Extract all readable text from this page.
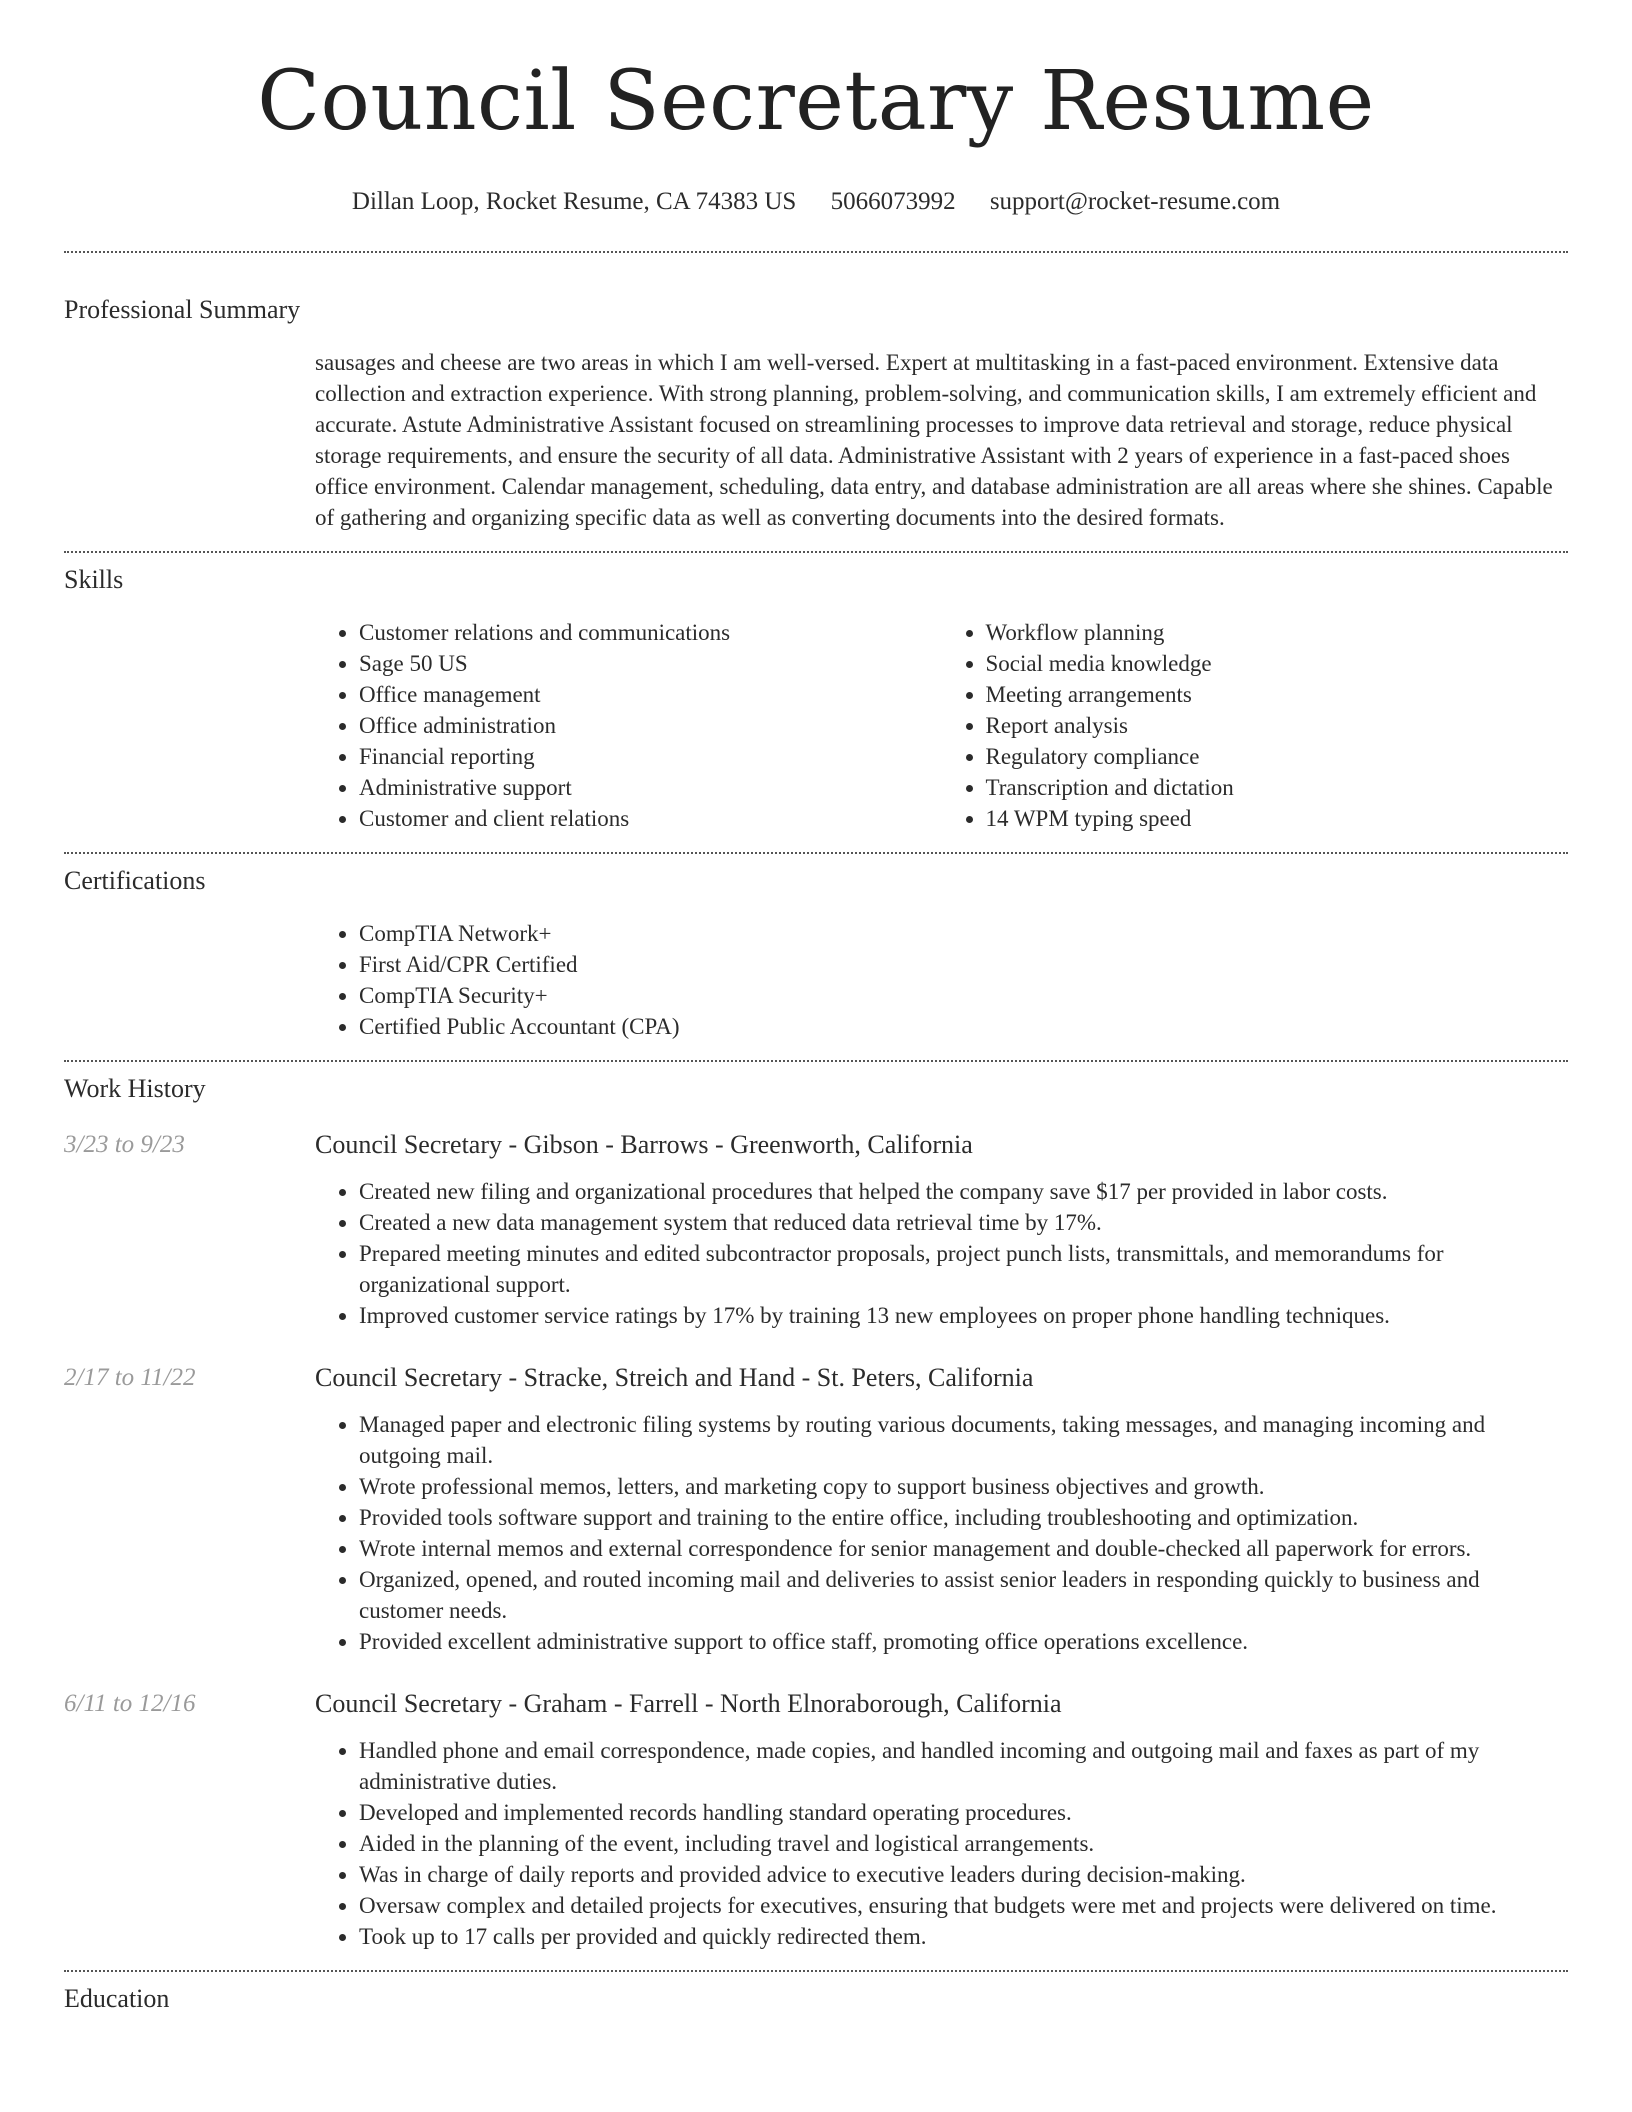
Council Secretary Resume
Dillan Loop, Rocket Resume, CA 74383 US 5066073992 support@rocket-resume.com
Professional Summary
sausages and cheese are two areas in which I am well-versed. Expert at multitasking in a fast-paced environment. Extensive data collection and extraction experience. With strong planning, problem-solving, and communication skills, I am extremely efficient and accurate. Astute Administrative Assistant focused on streamlining processes to improve data retrieval and storage, reduce physical storage requirements, and ensure the security of all data. Administrative Assistant with 2 years of experience in a fast-paced shoes office environment. Calendar management, scheduling, data entry, and database administration are all areas where she shines. Capable of gathering and organizing specific data as well as converting documents into the desired formats.
Skills
• Customer relations and communications
• Sage 50 US
• Office management
• Office administration
• Financial reporting
• Administrative support
• Customer and client relations
• Workflow planning
• Social media knowledge
• Meeting arrangements
• Report analysis
• Regulatory compliance
• Transcription and dictation
• 14 WPM typing speed
Certifications
• CompTIA Network+
• First Aid/CPR Certified
• CompTIA Security+
• Certified Public Accountant (CPA)
Work History
3/23 to 9/23	Council Secretary - Gibson - Barrows - Greenworth, California
• Created new filing and organizational procedures that helped the company save $17 per provided in labor costs.
• Created a new data management system that reduced data retrieval time by 17%.
• Prepared meeting minutes and edited subcontractor proposals, project punch lists, transmittals, and memorandums for organizational support.
• Improved customer service ratings by 17% by training 13 new employees on proper phone handling techniques.
2/17 to 11/22	Council Secretary - Stracke, Streich and Hand - St. Peters, California
• Managed paper and electronic filing systems by routing various documents, taking messages, and managing incoming and outgoing mail.
• Wrote professional memos, letters, and marketing copy to support business objectives and growth.
• Provided tools software support and training to the entire office, including troubleshooting and optimization.
• Wrote internal memos and external correspondence for senior management and double-checked all paperwork for errors.
• Organized, opened, and routed incoming mail and deliveries to assist senior leaders in responding quickly to business and customer needs.
• Provided excellent administrative support to office staff, promoting office operations excellence.
6/11 to 12/16	Council Secretary - Graham - Farrell - North Elnoraborough, California
• Handled phone and email correspondence, made copies, and handled incoming and outgoing mail and faxes as part of my administrative duties.
• Developed and implemented records handling standard operating procedures.
• Aided in the planning of the event, including travel and logistical arrangements.
• Was in charge of daily reports and provided advice to executive leaders during decision-making.
• Oversaw complex and detailed projects for executives, ensuring that budgets were met and projects were delivered on time.
• Took up to 17 calls per provided and quickly redirected them.
Education
